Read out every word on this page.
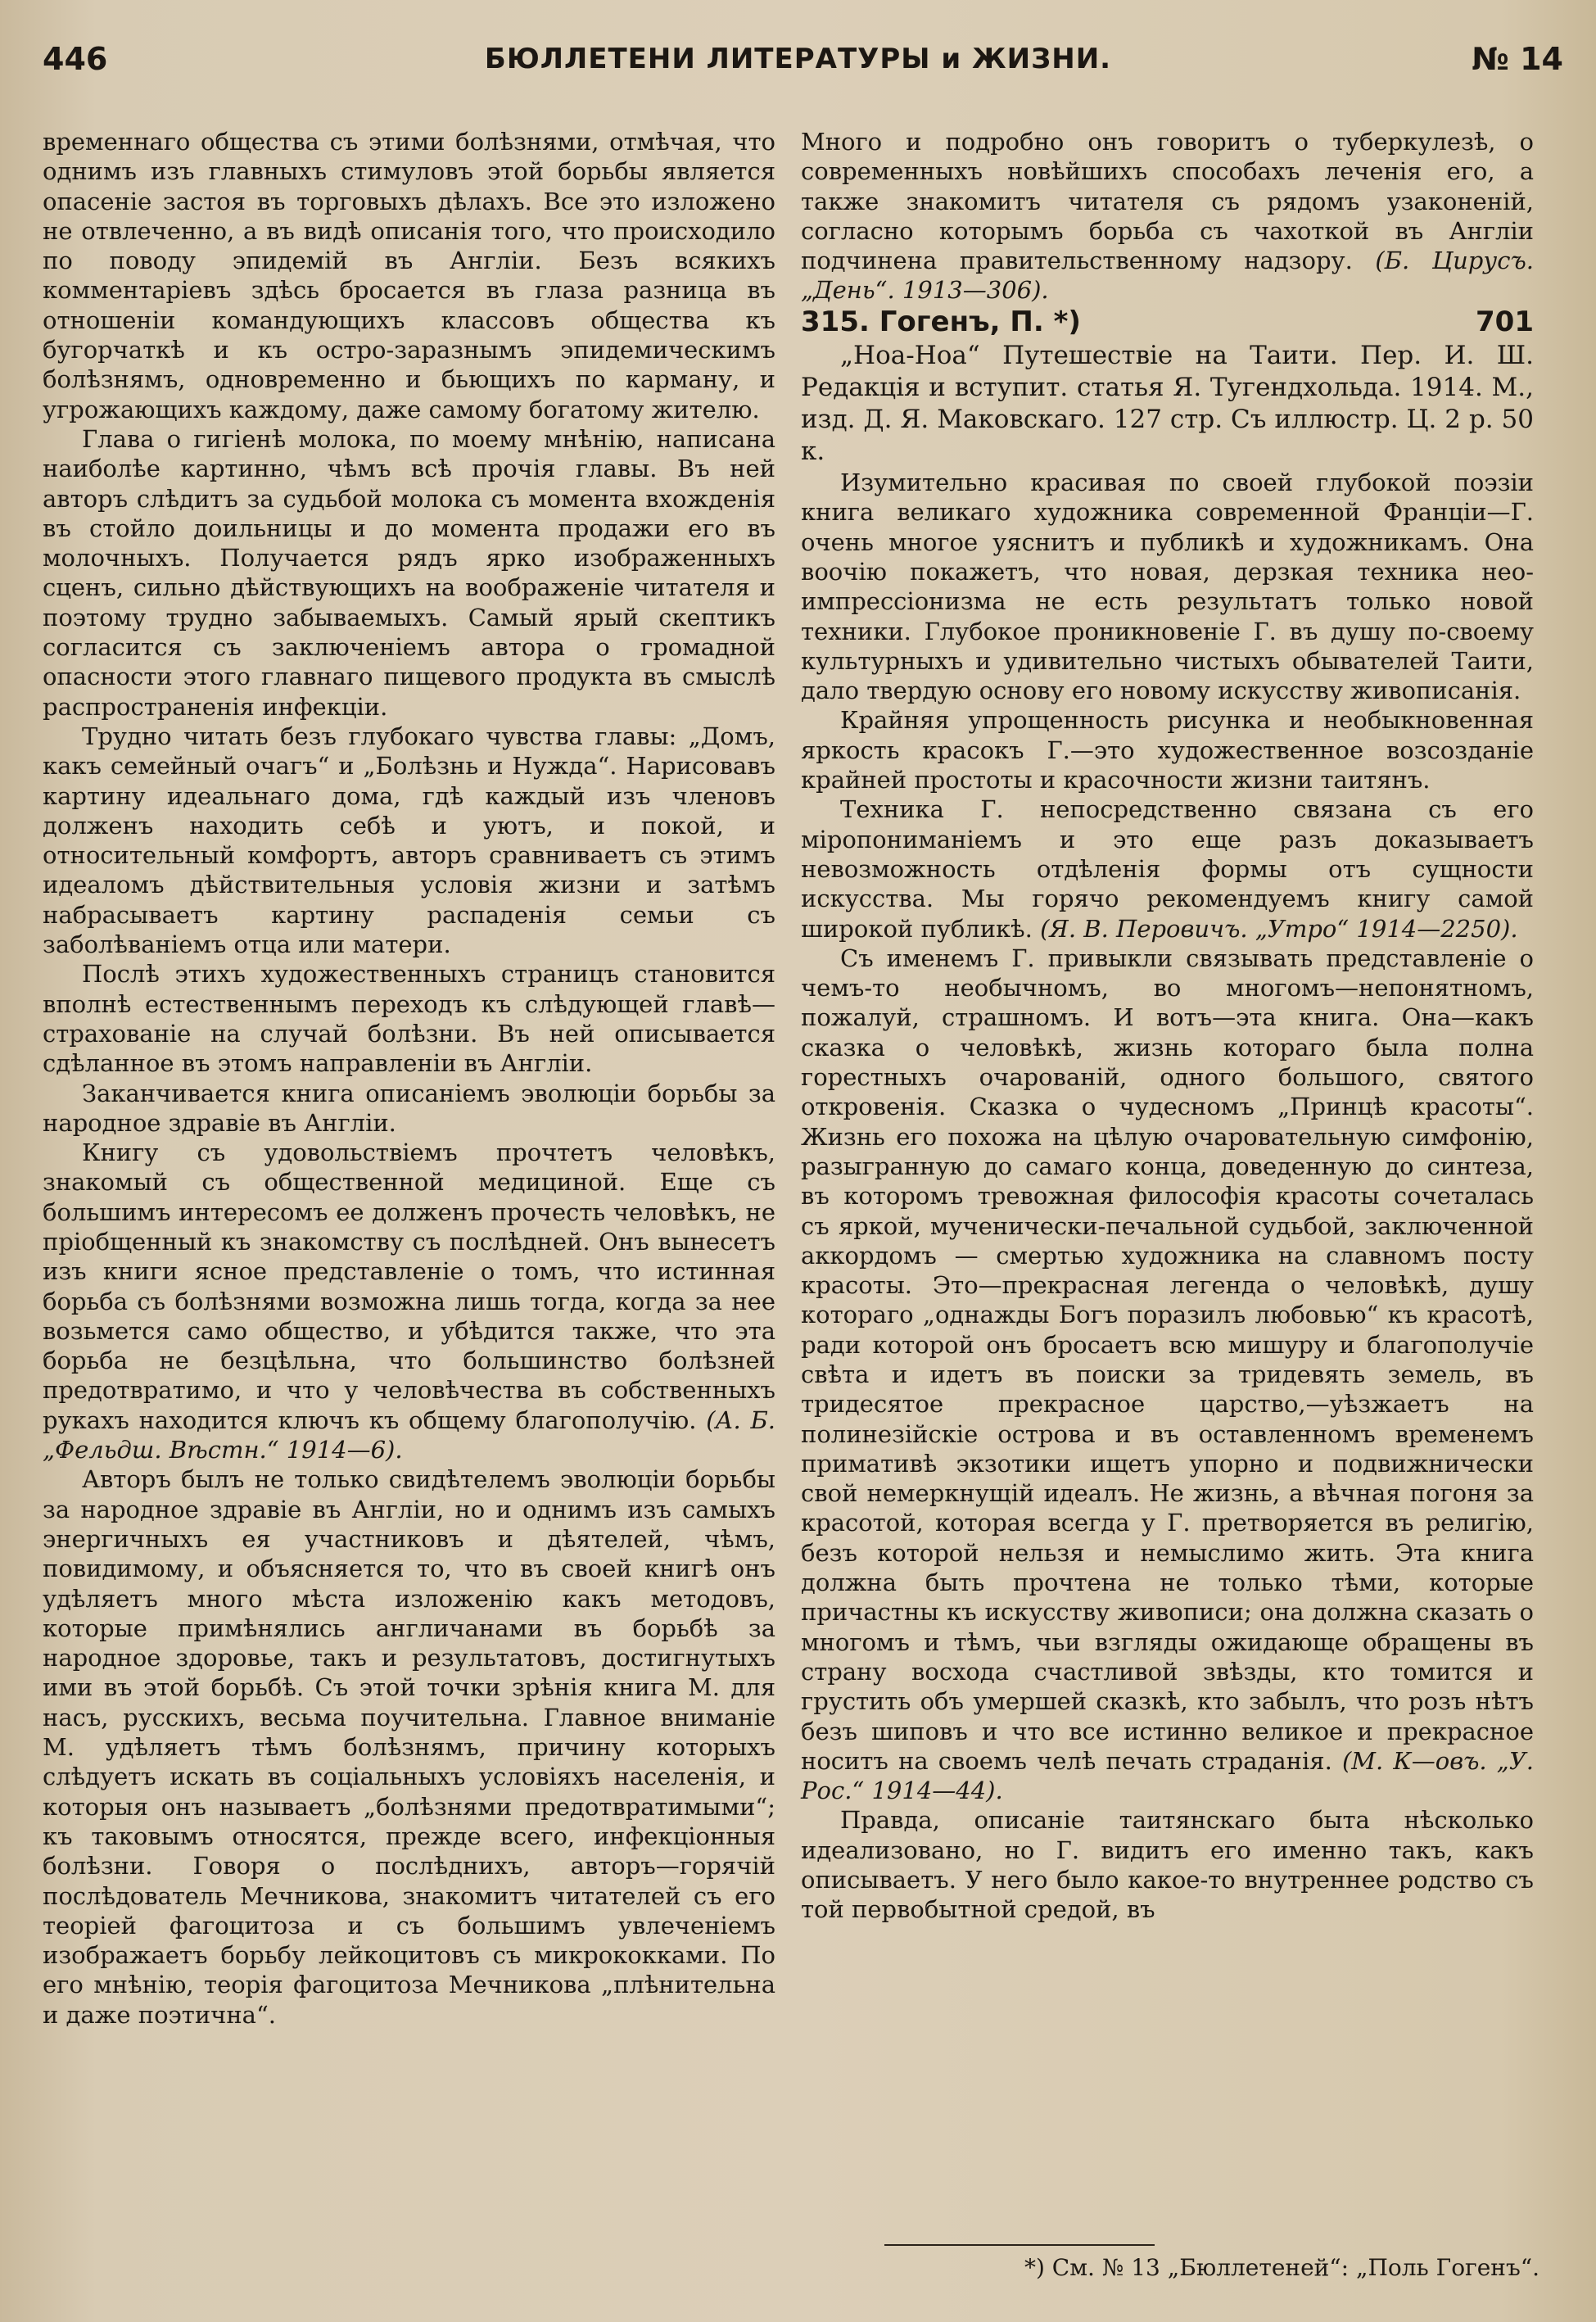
446	БЮЛЛЕТЕНИ ЛИТЕРАТУРЫ и ЖИЗНИ.	№ 14

временнаго общества съ этими болѣзнями, отмѣчая, что однимъ изъ главныхъ стимуловъ этой борьбы является опасеніе застоя въ торговыхъ дѣлахъ. Все это изложено не отвлеченно, а въ видѣ описанія того, что происходило по поводу эпидемій въ Англіи. Безъ всякихъ комментаріевъ здѣсь бросается въ глаза разница въ отношеніи командующихъ классовъ общества къ бугорчаткѣ и къ остро-заразнымъ эпидемическимъ болѣзнямъ, одновременно и бьющихъ по карману, и угрожающихъ каждому, даже самому богатому жителю.

Глава о гигіенѣ молока, по моему мнѣнію, написана наиболѣе картинно, чѣмъ всѣ прочія главы. Въ ней авторъ слѣдитъ за судьбой молока съ момента вхожденія въ стойло доильницы и до момента продажи его въ молочныхъ. Получается рядъ ярко изображенныхъ сценъ, сильно дѣйствующихъ на воображеніе читателя и поэтому трудно забываемыхъ. Самый ярый скептикъ согласится съ заключеніемъ автора о громадной опасности этого главнаго пищевого продукта въ смыслѣ распространенія инфекціи.

Трудно читать безъ глубокаго чувства главы: „Домъ, какъ семейный очагъ“ и „Болѣзнь и Нужда“. Нарисовавъ картину идеальнаго дома, гдѣ каждый изъ членовъ долженъ находить себѣ и уютъ, и покой, и относительный комфортъ, авторъ сравниваетъ съ этимъ идеаломъ дѣйствительныя условія жизни и затѣмъ набрасываетъ картину распаденія семьи съ заболѣваніемъ отца или матери.

Послѣ этихъ художественныхъ страницъ становится вполнѣ естественнымъ переходъ къ слѣдующей главѣ—страхованіе на случай болѣзни. Въ ней описывается сдѣланное въ этомъ направленіи въ Англіи.

Заканчивается книга описаніемъ эволюціи борьбы за народное здравіе въ Англіи.

Книгу съ удовольствіемъ прочтетъ человѣкъ, знакомый съ общественной медициной. Еще съ большимъ интересомъ ее долженъ прочесть человѣкъ, не пріобщенный къ знакомству съ послѣдней. Онъ вынесетъ изъ книги ясное представленіе о томъ, что истинная борьба съ болѣзнями возможна лишь тогда, когда за нее возьмется само общество, и убѣдится также, что эта борьба не безцѣльна, что большинство болѣзней предотвратимо, и что у человѣчества въ собственныхъ рукахъ находится ключъ къ общему благополучію. (А. Б. „Фельдш. Вѣстн.“ 1914—6).

Авторъ былъ не только свидѣтелемъ эволюціи борьбы за народное здравіе въ Англіи, но и однимъ изъ самыхъ энергичныхъ ея участниковъ и дѣятелей, чѣмъ, повидимому, и объясняется то, что въ своей книгѣ онъ удѣляетъ много мѣста изложенію какъ методовъ, которые примѣнялись англичанами въ борьбѣ за народное здоровье, такъ и результатовъ, достигнутыхъ ими въ этой борьбѣ. Съ этой точки зрѣнія книга М. для насъ, русскихъ, весьма поучительна. Главное вниманіе М. удѣляетъ тѣмъ болѣзнямъ, причину которыхъ слѣдуетъ искать въ соціальныхъ условіяхъ населенія, и которыя онъ называетъ „болѣзнями предотвратимыми“; къ таковымъ относятся, прежде всего, инфекціонныя болѣзни. Говоря о послѣднихъ, авторъ—горячій послѣдователь Мечникова, знакомитъ читателей съ его теоріей фагоцитоза и съ большимъ увлеченіемъ изображаетъ борьбу лейкоцитовъ съ микрококками. По его мнѣнію, теорія фагоцитоза Мечникова „плѣнительна и даже поэтична“.

Много и подробно онъ говоритъ о туберкулезѣ, о современныхъ новѣйшихъ способахъ леченія его, а также знакомитъ читателя съ рядомъ узаконеній, согласно которымъ борьба съ чахоткой въ Англіи подчинена правительственному надзору. (Б. Цирусъ. „День“. 1913—306).

315. Гогенъ, П. *)	701

„Ноа-Ноа“ Путешествіе на Таити. Пер. И. Ш. Редакція и вступит. статья Я. Тугендхольда. 1914. М., изд. Д. Я. Маковскаго. 127 стр. Съ иллюстр. Ц. 2 р. 50 к.

Изумительно красивая по своей глубокой поэзіи книга великаго художника современной Франціи—Г. очень многое уяснитъ и публикѣ и художникамъ. Она воочію покажетъ, что новая, дерзкая техника нео-импрессіонизма не есть результатъ только новой техники. Глубокое проникновеніе Г. въ душу по-своему культурныхъ и удивительно чистыхъ обывателей Таити, дало твердую основу его новому искусству живописанія.

Крайняя упрощенность рисунка и необыкновенная яркость красокъ Г.—это художественное возсозданіе крайней простоты и красочности жизни таитянъ.

Техника Г. непосредственно связана съ его міропониманіемъ и это еще разъ доказываетъ невозможность отдѣленія формы отъ сущности искусства. Мы горячо рекомендуемъ книгу самой широкой публикѣ. (Я. В. Перовичъ. „Утро“ 1914—2250).

Съ именемъ Г. привыкли связывать представленіе о чемъ-то необычномъ, во многомъ—непонятномъ, пожалуй, страшномъ. И вотъ—эта книга. Она—какъ сказка о человѣкѣ, жизнь котораго была полна горестныхъ очарованій, одного большого, святого откровенія. Сказка о чудесномъ „Принцѣ красоты“. Жизнь его похожа на цѣлую очаровательную симфонію, разыгранную до самаго конца, доведенную до синтеза, въ которомъ тревожная философія красоты сочеталась съ яркой, мученически-печальной судьбой, заключенной аккордомъ — смертью художника на славномъ посту красоты. Это—прекрасная легенда о человѣкѣ, душу котораго „однажды Богъ поразилъ любовью“ къ красотѣ, ради которой онъ бросаетъ всю мишуру и благополучіе свѣта и идетъ въ поиски за тридевять земель, въ тридесятое прекрасное царство,—уѣзжаетъ на полинезійскіе острова и въ оставленномъ временемъ примативѣ экзотики ищетъ упорно и подвижнически свой немеркнущій идеалъ. Не жизнь, а вѣчная погоня за красотой, которая всегда у Г. претворяется въ религію, безъ которой нельзя и немыслимо жить. Эта книга должна быть прочтена не только тѣми, которые причастны къ искусству живописи; она должна сказать о многомъ и тѣмъ, чьи взгляды ожидающе обращены въ страну восхода счастливой звѣзды, кто томится и грустить объ умершей сказкѣ, кто забылъ, что розъ нѣтъ безъ шиповъ и что все истинно великое и прекрасное носитъ на своемъ челѣ печать страданія. (М. К—овъ. „У. Рос.“ 1914—44).

Правда, описаніе таитянскаго быта нѣсколько идеализовано, но Г. видитъ его именно такъ, какъ описываетъ. У него было какое-то внутреннее родство съ той первобытной средой, въ

*) См. № 13 „Бюллетеней“: „Поль Гогенъ“.
